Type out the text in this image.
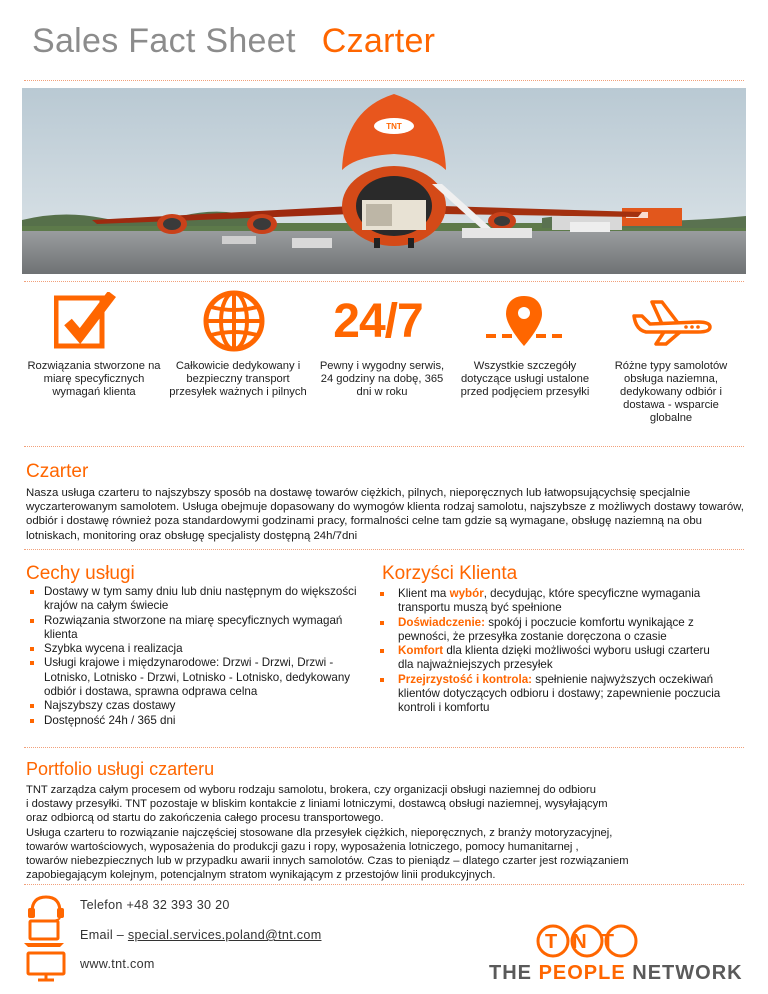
Sales Fact Sheet Czarter
TNT
24/7
Rozwiązania stworzone na miarę specyficznych wymagań klienta
Całkowicie dedykowany i bezpieczny transport przesyłek ważnych i pilnych
Pewny i wygodny serwis, 24 godziny na dobę, 365 dni w roku
Wszystkie szczegóły dotyczące usługi ustalone przed podjęciem przesyłki
Różne typy samolotów obsługa naziemna, dedykowany odbiór i dostawa - wsparcie globalne
Czarter
Nasza usługa czarteru to najszybszy sposób na dostawę towarów ciężkich, pilnych, nieporęcznych lub łatwopsującychsię specjalnie wyczarterowanym samolotem. Usługa obejmuje dopasowany do wymogów klienta rodzaj samolotu, najszybsze z możliwych dostawy towarów, odbiór i dostawę również poza standardowymi godzinami pracy, formalności celne tam gdzie są wymagane, obsługę naziemną na obu lotniskach, monitoring oraz obsługę specjalisty dostępną 24h/7dni
Cechy usługi
Dostawy w tym samy dniu lub dniu następnym do większości krajów na całym świecie
Rozwiązania stworzone na miarę specyficznych wymagań klienta
Szybka wycena i realizacja
Usługi krajowe i międzynarodowe: Drzwi - Drzwi, Drzwi - Lotnisko, Lotnisko - Drzwi, Lotnisko - Lotnisko, dedykowany odbiór i dostawa, sprawna odprawa celna
Najszybszy czas dostawy
Dostępność 24h / 365 dni
Korzyści Klienta
Klient ma wybór, decydując, które specyficzne wymagania transportu muszą być spełnione
Doświadczenie: spokój i poczucie komfortu wynikające z pewności, że przesyłka zostanie doręczona o czasie
Komfort dla klienta dzięki możliwości wyboru usługi czarteru dla najważniejszych przesyłek
Przejrzystość i kontrola: spełnienie najwyższych oczekiwań klientów dotyczących odbioru i dostawy; zapewnienie poczucia kontroli i komfortu
Portfolio usługi czarteru
TNT zarządza całym procesem od wyboru rodzaju samolotu, brokera, czy organizacji obsługi naziemnej do odbioru
i dostawy przesyłki. TNT pozostaje w bliskim kontakcie z liniami lotniczymi, dostawcą obsługi naziemnej, wysyłającym
oraz odbiorcą od startu do zakończenia całego procesu transportowego.
Usługa czarteru to rozwiązanie najczęściej stosowane dla przesyłek ciężkich, nieporęcznych, z branży motoryzacyjnej,
towarów wartościowych, wyposażenia do produkcji gazu i ropy, wyposażenia lotniczego, pomocy humanitarnej ,
towarów niebezpiecznych lub w przypadku awarii innych samolotów. Czas to pieniądz – dlatego czarter jest rozwiązaniem
zapobiegającym kolejnym, potencjalnym stratom wynikającym z przestojów linii produkcyjnych.
Telefon +48 32 393 30 20
Email – special.services.poland@tnt.com
www.tnt.com
TNT
THE PEOPLE NETWORK
